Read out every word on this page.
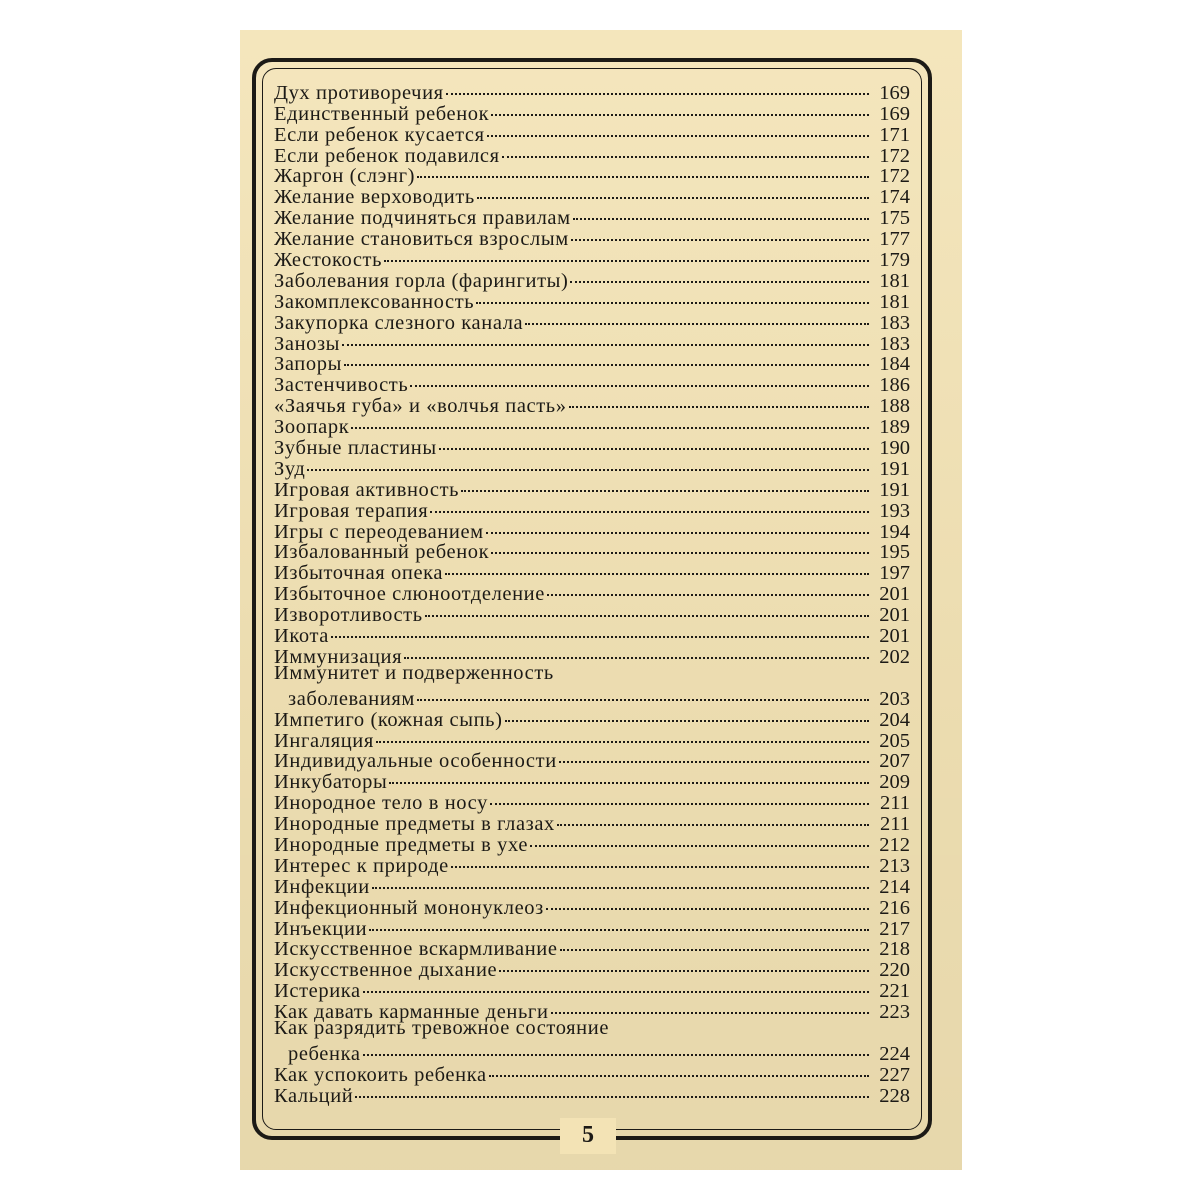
Дух противоречия	169
Единственный ребенок	169
Если ребенок кусается	171
Если ребенок подавился	172
Жаргон (слэнг)	172
Желание верховодить	174
Желание подчиняться правилам	175
Желание становиться взрослым	177
Жестокость	179
Заболевания горла (фарингиты)	181
Закомплексованность	181
Закупорка слезного канала	183
Занозы	183
Запоры	184
Застенчивость	186
«Заячья губа» и «волчья пасть»	188
Зоопарк	189
Зубные пластины	190
Зуд	191
Игровая активность	191
Игровая терапия	193
Игры с переодеванием	194
Избалованный ребенок	195
Избыточная опека	197
Избыточное слюноотделение	201
Изворотливость	201
Икота	201
Иммунизация	202
Иммунитет и подверженность
заболеваниям	203
Импетиго (кожная сыпь)	204
Ингаляция	205
Индивидуальные особенности	207
Инкубаторы	209
Инородное тело в носу	211
Инородные предметы в глазах	211
Инородные предметы в ухе	212
Интерес к природе	213
Инфекции	214
Инфекционный мононуклеоз	216
Инъекции	217
Искусственное вскармливание	218
Искусственное дыхание	220
Истерика	221
Как давать карманные деньги	223
Как разрядить тревожное состояние
ребенка	224
Как успокоить ребенка	227
Кальций	228
5
